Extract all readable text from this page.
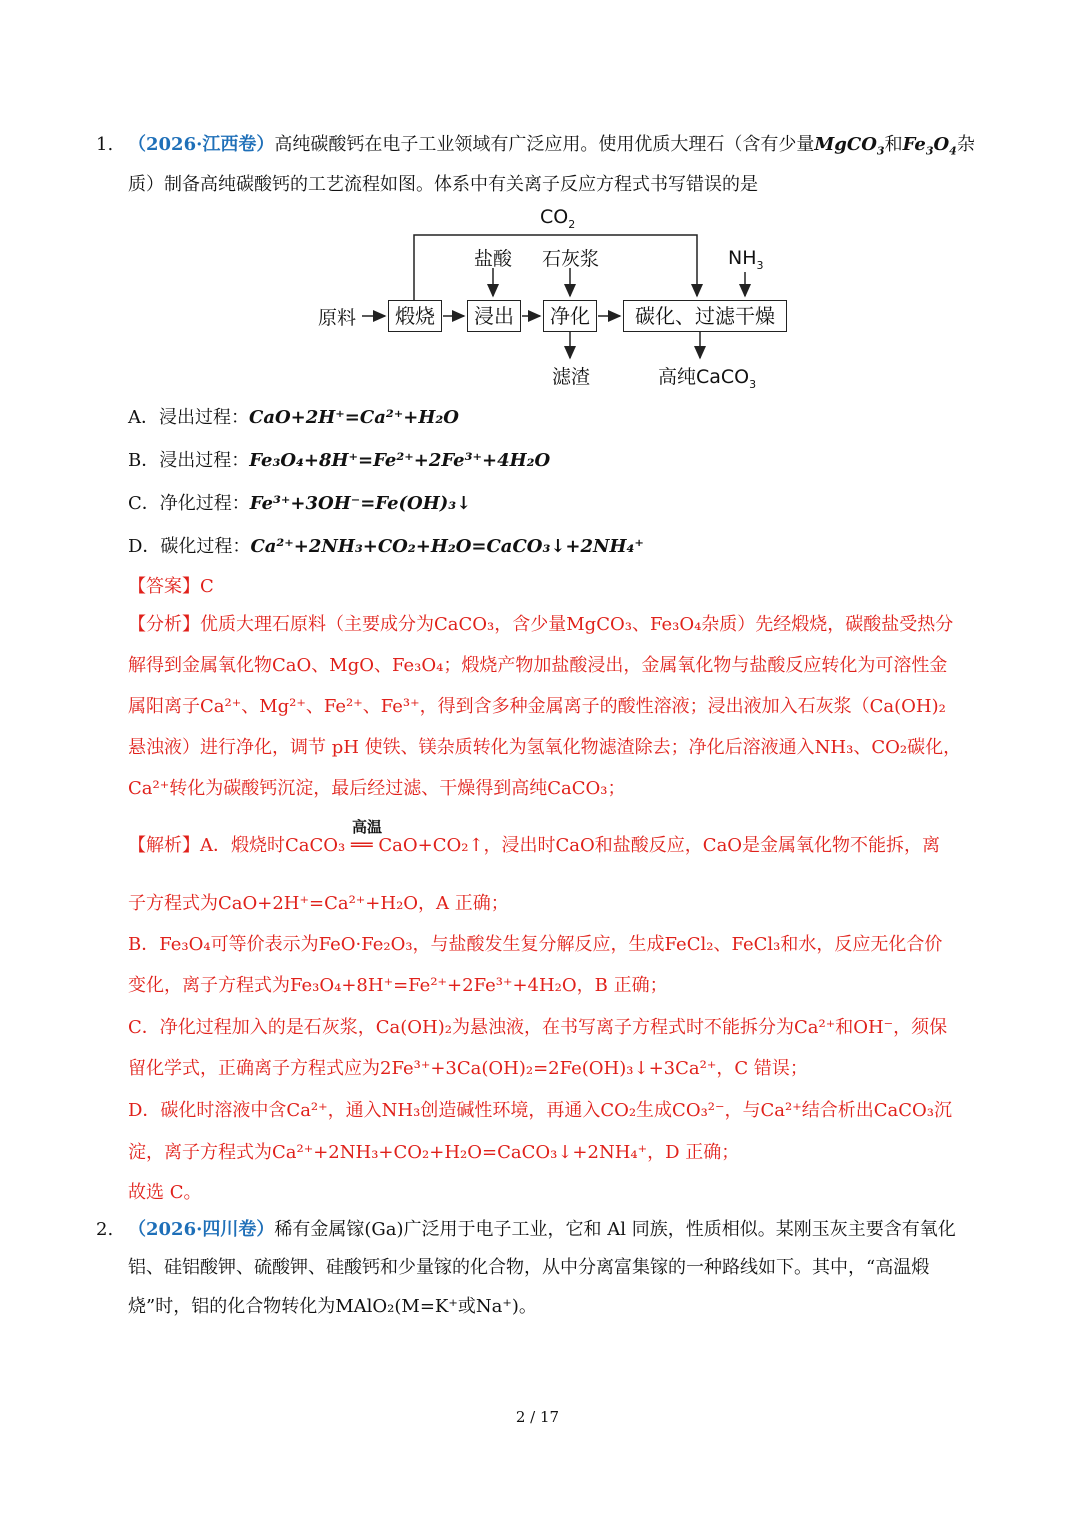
1. （2026·江西卷）高纯碳酸钙在电子工业领域有广泛应用。使用优质大理石（含有少量MgCO$_3$和$Fe_3O_4$杂
质）制备高纯碳酸钙的工艺流程如图。体系中有关离子反应方程式书写错误的是
$CO_2$
盐酸 石灰浆	$NH_3$
原料	煅烧	浸出	净化	碳化、过滤干燥
滤渣	高纯CaCO$_3$
A．浸出过程：CaO+2H⁺=Ca²⁺+H₂O
B．浸出过程：Fe₃O₄+8H⁺=Fe²⁺+2Fe³⁺+4H₂O
C．净化过程：Fe³⁺+3OH⁻=Fe(OH)₃↓
D．碳化过程：Ca²⁺+2NH₃+CO₂+H₂O=CaCO₃↓+2NH₄⁺
【答案】C
【分析】优质大理石原料（主要成分为CaCO₃，含少量MgCO₃、Fe₃O₄杂质）先经煅烧，碳酸盐受热分
解得到金属氧化物CaO、MgO、Fe₃O₄；煅烧产物加盐酸浸出，金属氧化物与盐酸反应转化为可溶性金
属阳离子Ca²⁺、Mg²⁺、Fe²⁺、Fe³⁺，得到含多种金属离子的酸性溶液；浸出液加入石灰浆（Ca(OH)₂
悬浊液）进行净化，调节 pH 使铁、镁杂质转化为氢氧化物滤渣除去；净化后溶液通入NH₃、CO₂碳化，
Ca²⁺转化为碳酸钙沉淀，最后经过滤、干燥得到高纯CaCO₃；
高温
【解析】A．煅烧时CaCO₃ ══ CaO+CO₂↑，浸出时CaO和盐酸反应，CaO是金属氧化物不能拆，离
子方程式为CaO+2H⁺=Ca²⁺+H₂O，A 正确；
B．Fe₃O₄可等价表示为FeO·Fe₂O₃，与盐酸发生复分解反应，生成FeCl₂、FeCl₃和水，反应无化合价
变化，离子方程式为Fe₃O₄+8H⁺=Fe²⁺+2Fe³⁺+4H₂O，B 正确；
C．净化过程加入的是石灰浆，Ca(OH)₂为悬浊液，在书写离子方程式时不能拆分为Ca²⁺和OH⁻，须保
留化学式，正确离子方程式应为2Fe³⁺+3Ca(OH)₂=2Fe(OH)₃↓+3Ca²⁺，C 错误；
D．碳化时溶液中含Ca²⁺，通入NH₃创造碱性环境，再通入CO₂生成CO₃²⁻，与Ca²⁺结合析出CaCO₃沉
淀，离子方程式为Ca²⁺+2NH₃+CO₂+H₂O=CaCO₃↓+2NH₄⁺，D 正确；
故选 C。
2. （2026·四川卷）稀有金属镓(Ga)广泛用于电子工业，它和 Al 同族，性质相似。某刚玉灰主要含有氧化
铝、硅铝酸钾、硫酸钾、硅酸钙和少量镓的化合物，从中分离富集镓的一种路线如下。其中，“高温煅
烧”时，铝的化合物转化为MAlO₂(M=K⁺或Na⁺)。
2 / 17
